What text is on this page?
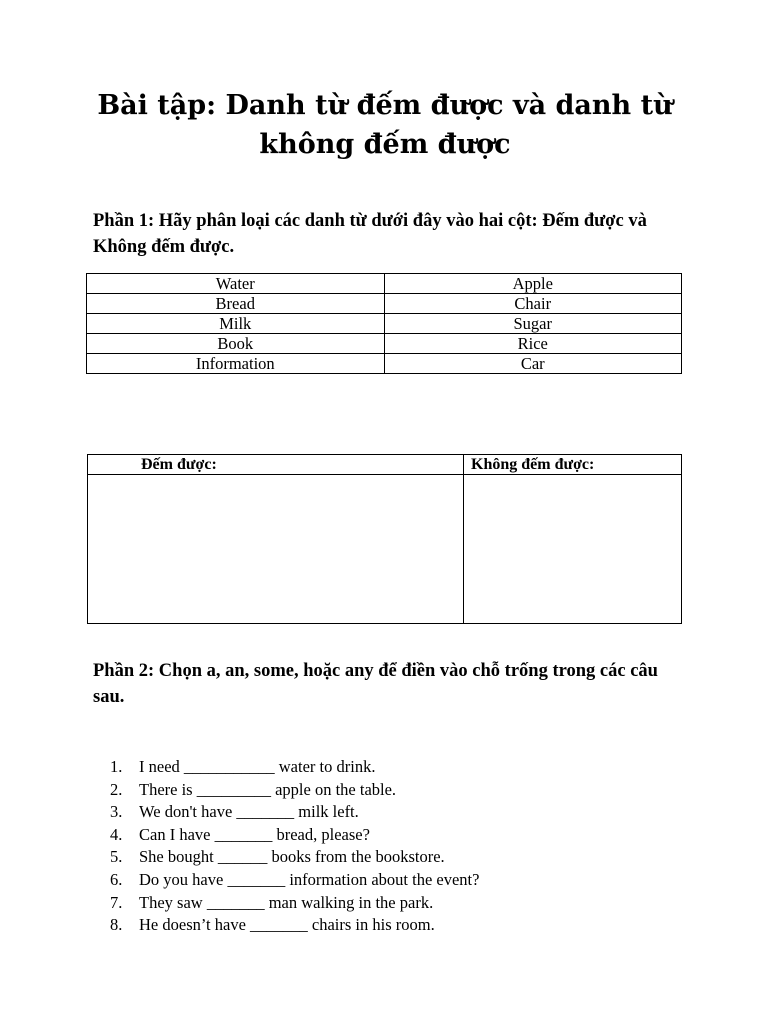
Bài tập: Danh từ đếm được và danh từ không đếm được

Phần 1: Hãy phân loại các danh từ dưới đây vào hai cột: Đếm được và Không đếm được.

Water	Apple
Bread	Chair
Milk	Sugar
Book	Rice
Information	Car
Đếm được:	Không đếm được:

Phần 2: Chọn a, an, some, hoặc any để điền vào chỗ trống trong các câu sau.

1.	I need ___________ water to drink.
2.	There is _________ apple on the table.
3.	We don't have _______ milk left.
4.	Can I have _______ bread, please?
5.	She bought ______ books from the bookstore.
6.	Do you have _______ information about the event?
7.	They saw _______ man walking in the park.
8.	He doesn’t have _______ chairs in his room.
